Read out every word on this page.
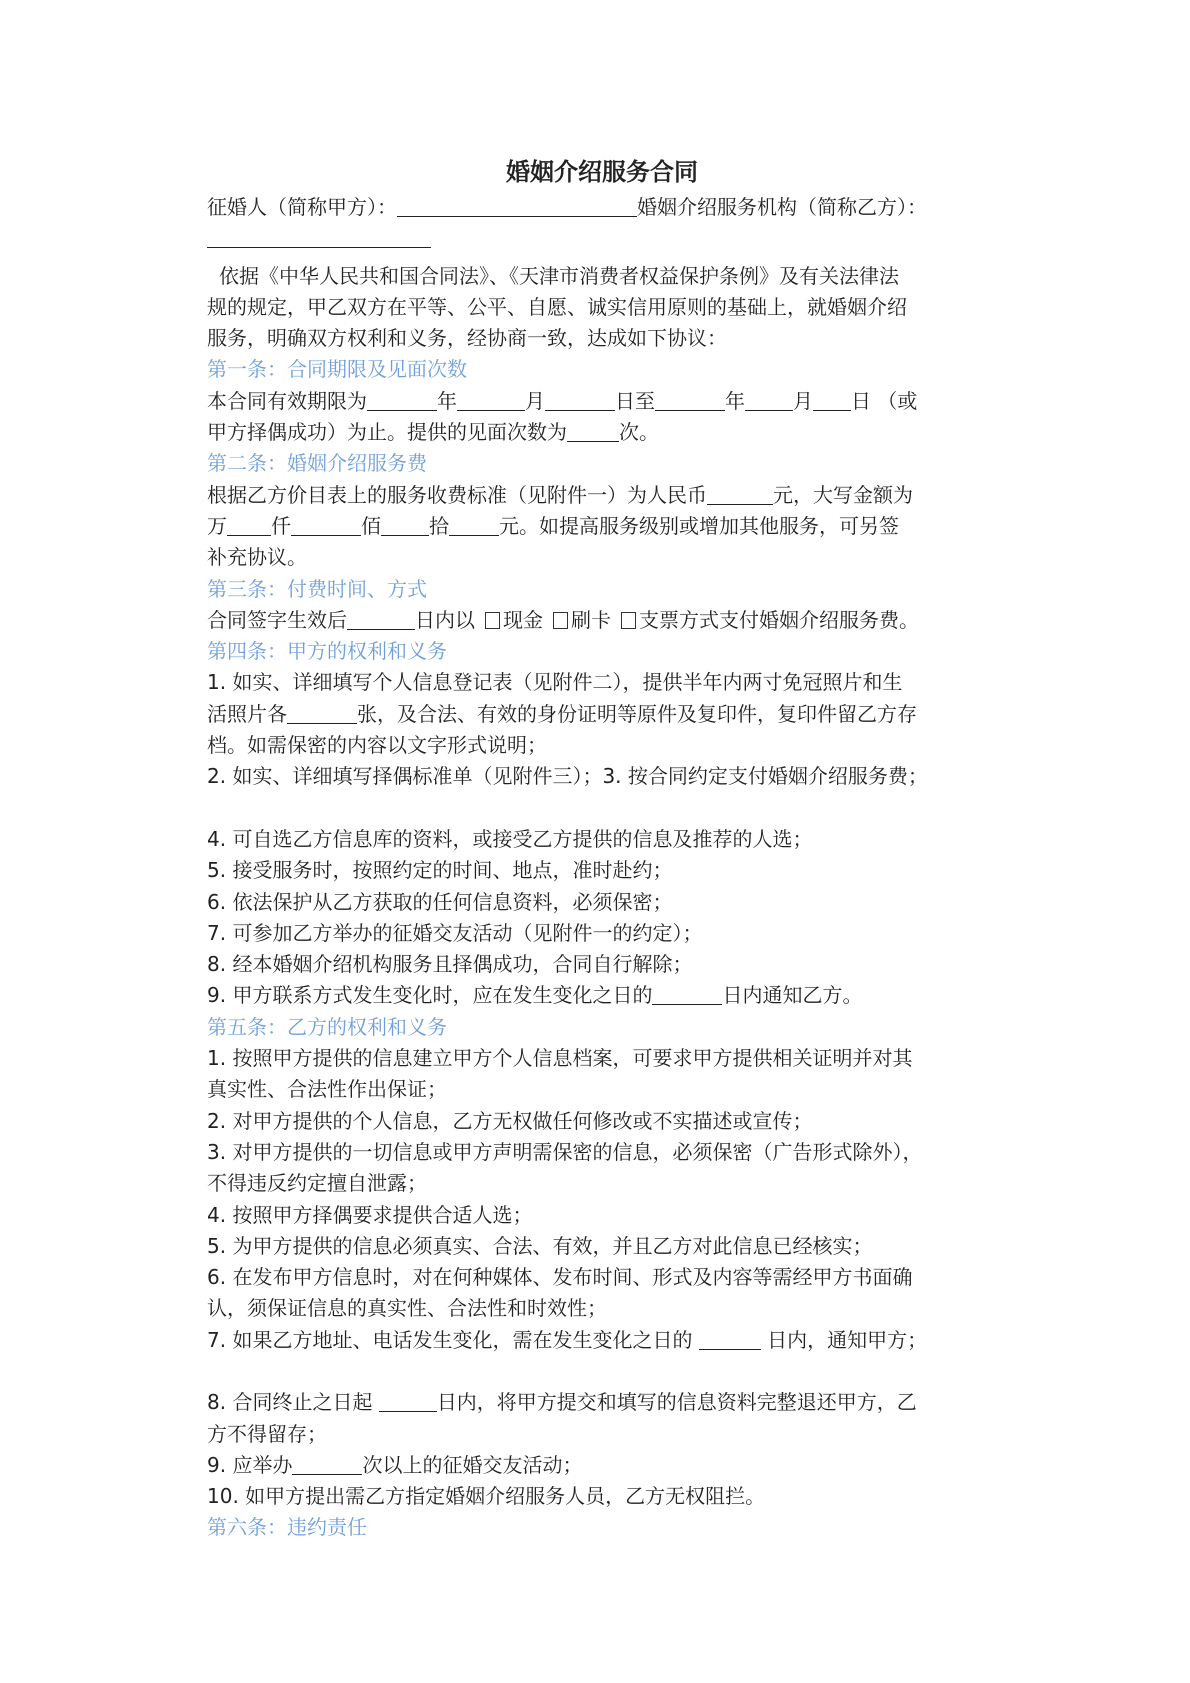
婚姻介绍服务合同
征婚人（简称甲方）：	婚姻介绍服务机构（简称乙方）：
依据《中华人民共和国合同法》、《天津市消费者权益保护条例》及有关法律法
规的规定，甲乙双方在平等、公平、自愿、诚实信用原则的基础上，就婚姻介绍
服务，明确双方权利和义务，经协商一致，达成如下协议：
第一条：合同期限及见面次数
本合同有效期限为	年	月	日至	年 月 日 （或
甲方择偶成功）为止。提供的见面次数为	次。
第二条：婚姻介绍服务费
根据乙方价目表上的服务收费标准（见附件一）为人民币	元，大写金额为
万 仟	佰 拾	元。如提高服务级别或增加其他服务，可另签
补充协议。
第三条：付费时间、方式
合同签字生效后	日内以 现金 刷卡 支票方式支付婚姻介绍服务费。
第四条：甲方的权利和义务
1. 如实、详细填写个人信息登记表（见附件二），提供半年内两寸免冠照片和生
活照片各	张，及合法、有效的身份证明等原件及复印件，复印件留乙方存
档。如需保密的内容以文字形式说明；
2. 如实、详细填写择偶标准单（见附件三）；3. 按合同约定支付婚姻介绍服务费；
4. 可自选乙方信息库的资料，或接受乙方提供的信息及推荐的人选；
5. 接受服务时，按照约定的时间、地点，准时赴约；
6. 依法保护从乙方获取的任何信息资料，必须保密；
7. 可参加乙方举办的征婚交友活动（见附件一的约定）；
8. 经本婚姻介绍机构服务且择偶成功，合同自行解除；
9. 甲方联系方式发生变化时，应在发生变化之日的	日内通知乙方。
第五条：乙方的权利和义务
1. 按照甲方提供的信息建立甲方个人信息档案，可要求甲方提供相关证明并对其
真实性、合法性作出保证；
2. 对甲方提供的个人信息，乙方无权做任何修改或不实描述或宣传；
3. 对甲方提供的一切信息或甲方声明需保密的信息，必须保密（广告形式除外），
不得违反约定擅自泄露；
4. 按照甲方择偶要求提供合适人选；
5. 为甲方提供的信息必须真实、合法、有效，并且乙方对此信息已经核实；
6. 在发布甲方信息时，对在何种媒体、发布时间、形式及内容等需经甲方书面确
认，须保证信息的真实性、合法性和时效性；
7. 如果乙方地址、电话发生变化，需在发生变化之日的	日内，通知甲方；
8. 合同终止之日起	日内，将甲方提交和填写的信息资料完整退还甲方，乙
方不得留存；
9. 应举办	次以上的征婚交友活动；
10. 如甲方提出需乙方指定婚姻介绍服务人员，乙方无权阻拦。
第六条：违约责任
